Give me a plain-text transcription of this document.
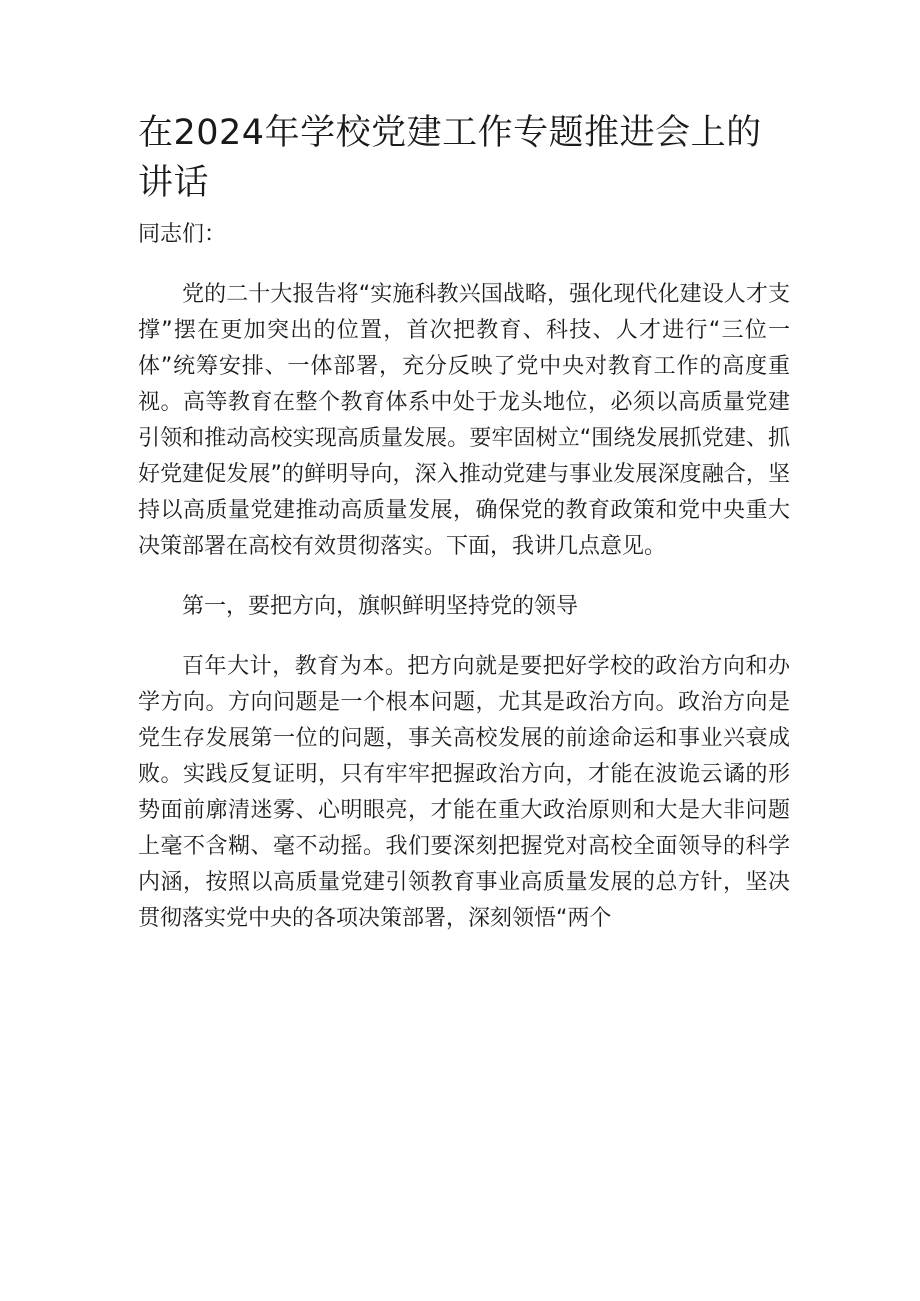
在2024年学校党建工作专题推进会上的讲话

同志们：

党的二十大报告将“实施科教兴国战略，强化现代化建设人才支撑”摆在更加突出的位置，首次把教育、科技、人才进行“三位一体”统筹安排、一体部署，充分反映了党中央对教育工作的高度重视。高等教育在整个教育体系中处于龙头地位，必须以高质量党建引领和推动高校实现高质量发展。要牢固树立“围绕发展抓党建、抓好党建促发展”的鲜明导向，深入推动党建与事业发展深度融合，坚持以高质量党建推动高质量发展，确保党的教育政策和党中央重大决策部署在高校有效贯彻落实。下面，我讲几点意见。

第一，要把方向，旗帜鲜明坚持党的领导

百年大计，教育为本。把方向就是要把好学校的政治方向和办学方向。方向问题是一个根本问题，尤其是政治方向。政治方向是党生存发展第一位的问题，事关高校发展的前途命运和事业兴衰成败。实践反复证明，只有牢牢把握政治方向，才能在波诡云谲的形势面前廓清迷雾、心明眼亮，才能在重大政治原则和大是大非问题上毫不含糊、毫不动摇。我们要深刻把握党对高校全面领导的科学内涵，按照以高质量党建引领教育事业高质量发展的总方针，坚决贯彻落实党中央的各项决策部署，深刻领悟“两个
